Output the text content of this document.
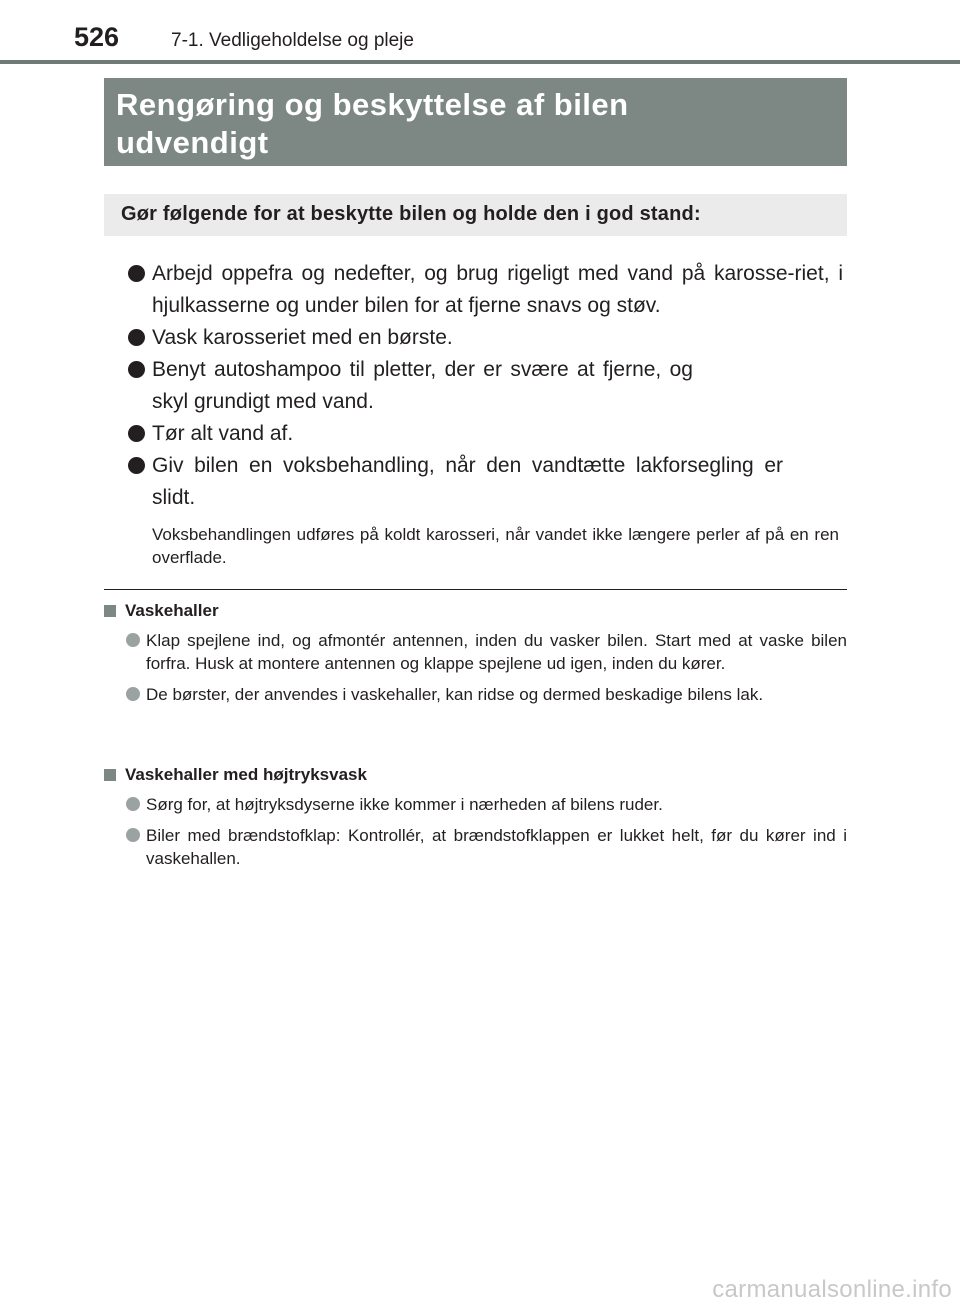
526	7-1. Vedligeholdelse og pleje
Rengøring og beskyttelse af bilen udvendigt
Gør følgende for at beskytte bilen og holde den i god stand:
Arbejd oppefra og nedefter, og brug rigeligt med vand på karosse-riet, i hjulkasserne og under bilen for at fjerne snavs og støv.
Vask karosseriet med en børste.
Benyt autoshampoo til pletter, der er svære at fjerne, og skyl grundigt med vand.
Tør alt vand af.
Giv bilen en voksbehandling, når den vandtætte lakforsegling er slidt.
Voksbehandlingen udføres på koldt karosseri, når vandet ikke længere perler af på en ren overflade.
Vaskehaller
Klap spejlene ind, og afmontér antennen, inden du vasker bilen. Start med at vaske bilen forfra. Husk at montere antennen og klappe spejlene ud igen, inden du kører.
De børster, der anvendes i vaskehaller, kan ridse og dermed beskadige bilens lak.
Vaskehaller med højtryksvask
Sørg for, at højtryksdyserne ikke kommer i nærheden af bilens ruder.
Biler med brændstofklap: Kontrollér, at brændstofklappen er lukket helt, før du kører ind i vaskehallen.
carmanualsonline.info
